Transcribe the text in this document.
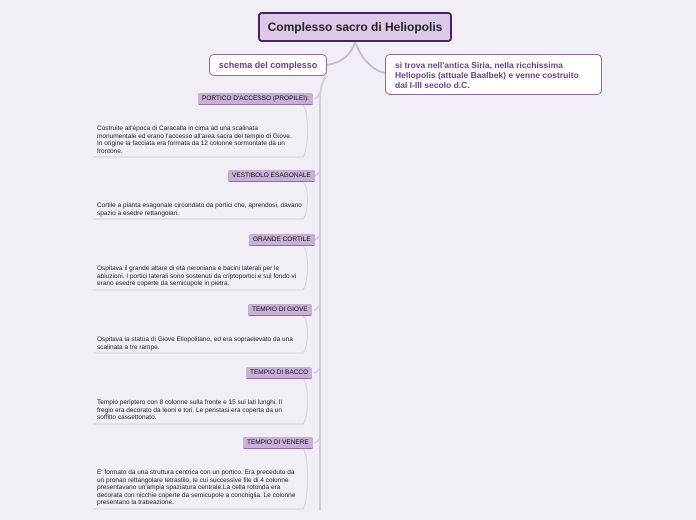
Complesso sacro di Heliopolis
schema del complesso	si trova nell'antica Siria, nella ricchissima Heliopolis (attuale Baalbek) e venne costruito dal I-III secolo d.C.
PORTICO D'ACCESSO (PROPILEI):
Costruite all'epoca di Caracalla in cima ad una scalinata monumentale ed erano l'accesso all'area sacra del tempio di Giove. In origine la facciata era formata da 12 colonne sormontate da un frontone.
VESTIBOLO ESAGONALE
Cortile a pianta esagonale circondato da portici che, aprendosi, davano spazio a esedre rettangolari.
GRANDE CORTILE
Ospitava il grande altare di età neroniana e bacini laterali per le abluzioni. I portici laterali sono sostenuti da criptoportici e sul fondo vi erano esedre coperte da semicupole in pietra.
TEMPIO DI GIOVE
Ospitava la statua di Giove Eliopolitano, ed era sopraelevato da una scalinata a tre rampe.
TEMPIO DI BACCO
Tempio periptero con 8 colonne sulla fronte e 15 sui lati lunghi. Il fregio era decorato da leoni e tori. Le peristasi era coperta da un soffitto cassettonato.
TEMPIO DI VENERE
E' formato da una struttura centrica con un portico. Era preceduto da un pronao rettangolare tetrastilo, le cui successive file di 4 colonne presentavano un'ampia spaziatura centrale.La cella rotonda era decorata con nicchie coperte da semicupole a conchiglia. Le colonne presentano la trabeazione.
